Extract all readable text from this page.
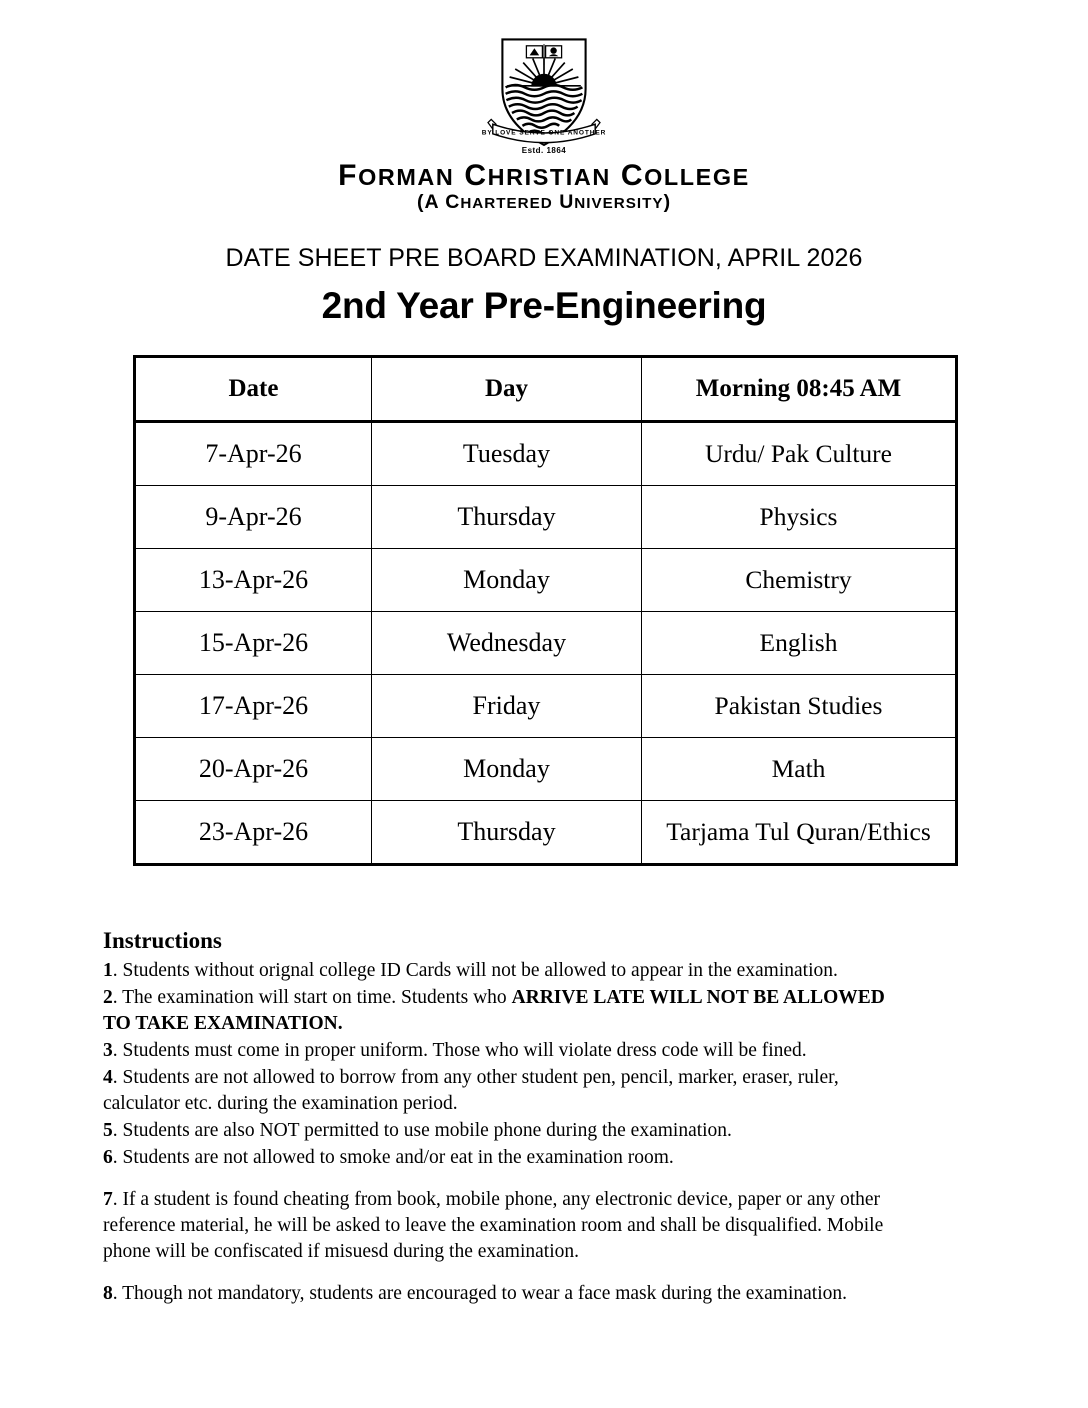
BY LOVE SERVE ONE ANOTHER
Estd. 1864
FORMAN CHRISTIAN COLLEGE
(A CHARTERED UNIVERSITY)
DATE SHEET PRE BOARD EXAMINATION, APRIL 2026
2nd Year Pre-Engineering
Date	Day	Morning 08:45 AM
7-Apr-26	Tuesday	Urdu/ Pak Culture
9-Apr-26	Thursday	Physics
13-Apr-26	Monday	Chemistry
15-Apr-26	Wednesday	English
17-Apr-26	Friday	Pakistan Studies
20-Apr-26	Monday	Math
23-Apr-26	Thursday	Tarjama Tul Quran/Ethics
Instructions
1. Students without orignal college ID Cards will not be allowed to appear in the examination.
2. The examination will start on time. Students who ARRIVE LATE WILL NOT BE ALLOWED TO TAKE EXAMINATION.
3. Students must come in proper uniform. Those who will violate dress code will be fined.
4. Students are not allowed to borrow from any other student pen, pencil, marker, eraser, ruler, calculator etc. during the examination period.
5. Students are also NOT permitted to use mobile phone during the examination.
6. Students are not allowed to smoke and/or eat in the examination room.
7. If a student is found cheating from book, mobile phone, any electronic device, paper or any other reference material, he will be asked to leave the examination room and shall be disqualified. Mobile phone will be confiscated if misuesd during the examination.
8. Though not mandatory, students are encouraged to wear a face mask during the examination.
